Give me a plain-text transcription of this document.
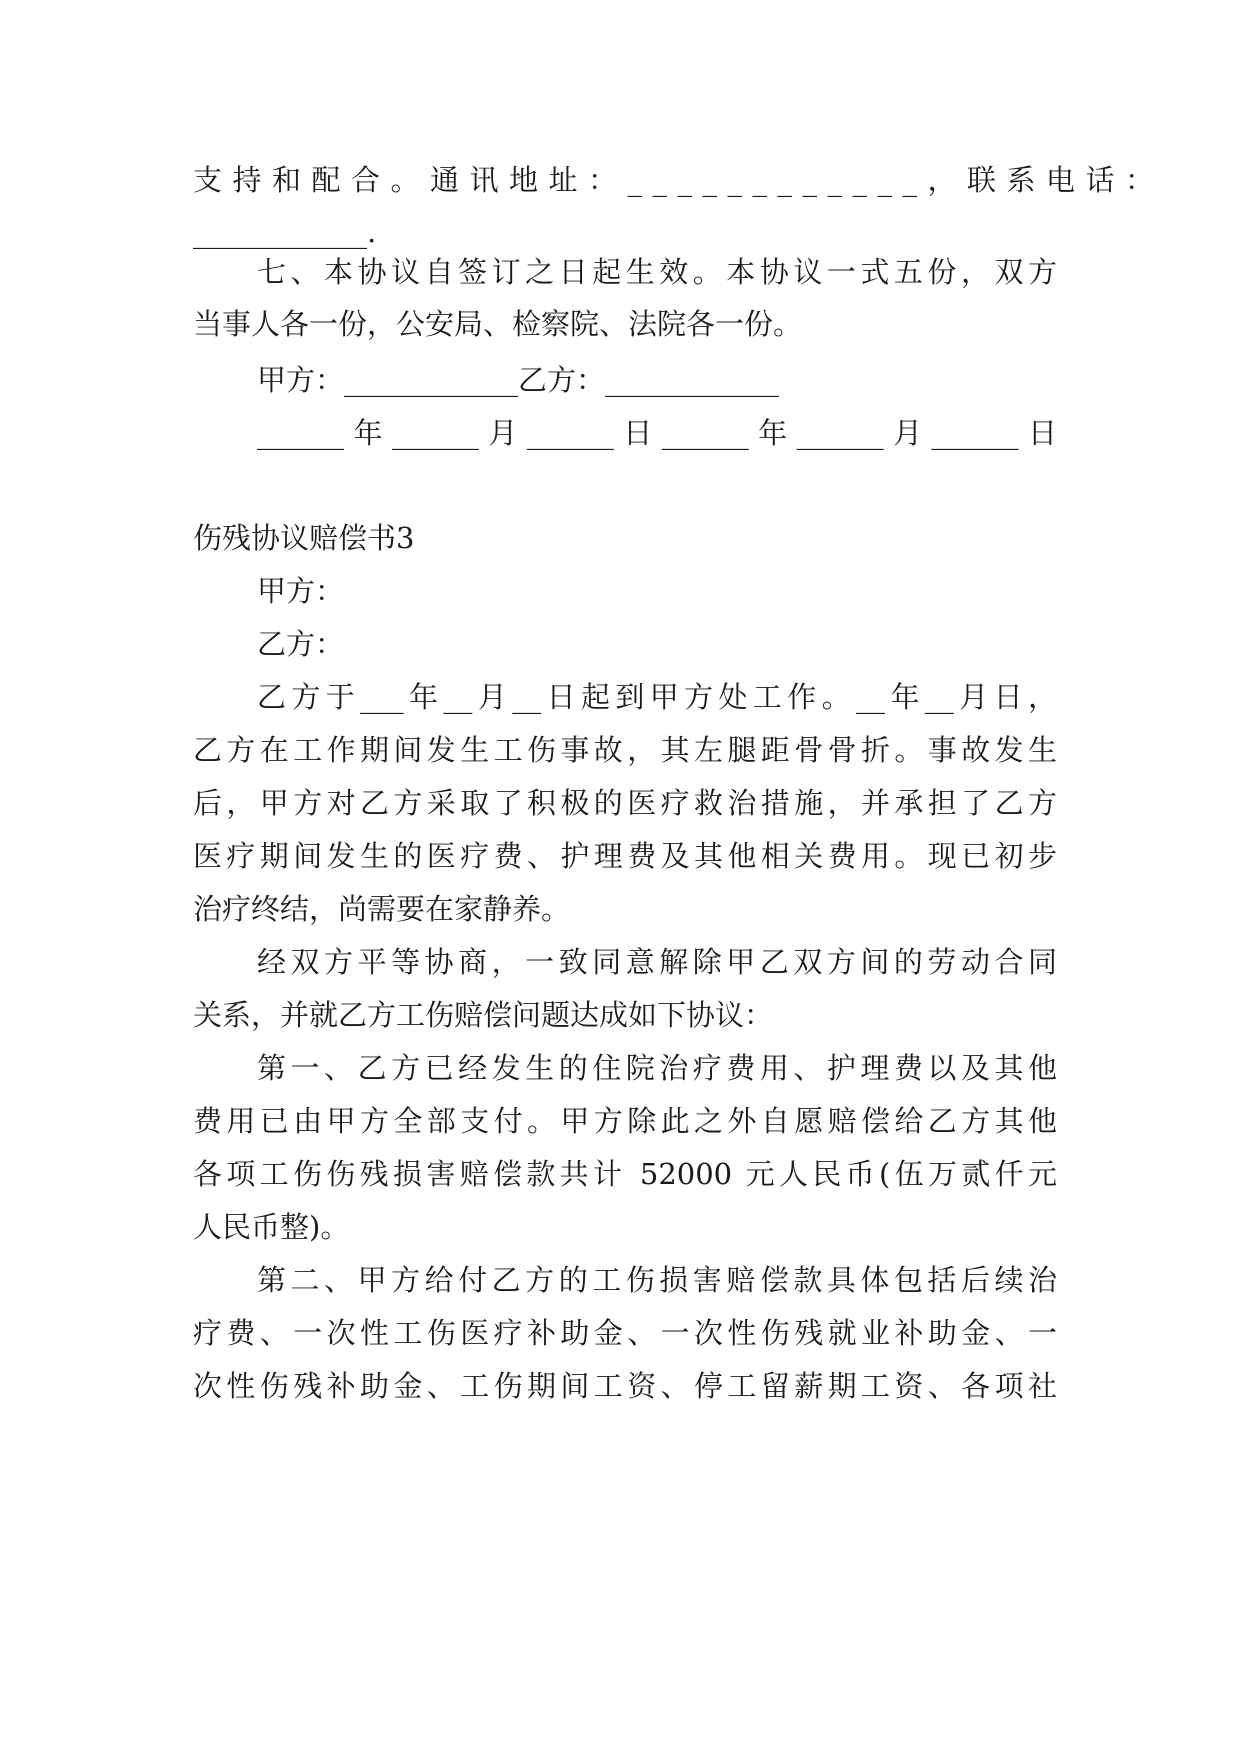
支持和配合。通讯地址：____________，联系电话：
____________.
七、本协议自签订之日起生效。本协议一式五份，双方
当事人各一份，公安局、检察院、法院各一份。
甲方：____________乙方：____________
______年______月______日______年______月______日
伤残协议赔偿书3
甲方：
乙方：
乙方于___年__月__日起到甲方处工作。__年__月日，
乙方在工作期间发生工伤事故，其左腿距骨骨折。事故发生
后，甲方对乙方采取了积极的医疗救治措施，并承担了乙方
医疗期间发生的医疗费、护理费及其他相关费用。现已初步
治疗终结，尚需要在家静养。
经双方平等协商，一致同意解除甲乙双方间的劳动合同
关系，并就乙方工伤赔偿问题达成如下协议：
第一、乙方已经发生的住院治疗费用、护理费以及其他
费用已由甲方全部支付。甲方除此之外自愿赔偿给乙方其他
各项工伤伤残损害赔偿款共计 52000 元人民币(伍万贰仟元
人民币整)。
第二、甲方给付乙方的工伤损害赔偿款具体包括后续治
疗费、一次性工伤医疗补助金、一次性伤残就业补助金、一
次性伤残补助金、工伤期间工资、停工留薪期工资、各项社
